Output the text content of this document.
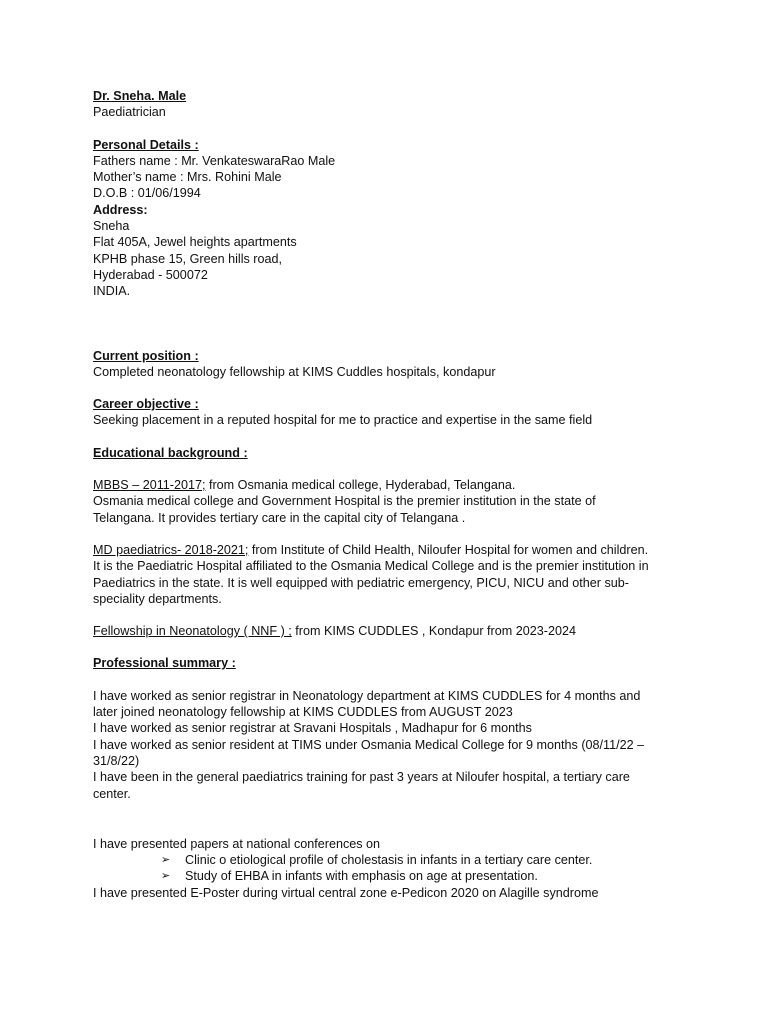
Dr. Sneha. Male
Paediatrician
Personal Details :
Fathers name : Mr. VenkateswaraRao Male
Mother’s name : Mrs. Rohini Male
D.O.B : 01/06/1994
Address:
Sneha
Flat 405A, Jewel heights apartments
KPHB phase 15, Green hills road,
Hyderabad - 500072
INDIA.
Current position :
Completed neonatology fellowship at KIMS Cuddles hospitals, kondapur
Career objective :
Seeking placement in a reputed hospital for me to practice and expertise in the same field
Educational background :
MBBS – 2011-2017; from Osmania medical college, Hyderabad, Telangana.
Osmania medical college and Government Hospital is the premier institution in the state of
Telangana. It provides tertiary care in the capital city of Telangana .
MD paediatrics- 2018-2021; from Institute of Child Health, Niloufer Hospital for women and children.
It is the Paediatric Hospital affiliated to the Osmania Medical College and is the premier institution in
Paediatrics in the state. It is well equipped with pediatric emergency, PICU, NICU and other sub-
speciality departments.
Fellowship in Neonatology ( NNF ) ; from KIMS CUDDLES , Kondapur from 2023-2024
Professional summary :
I have worked as senior registrar in Neonatology department at KIMS CUDDLES for 4 months and
later joined neonatology fellowship at KIMS CUDDLES from AUGUST 2023
I have worked as senior registrar at Sravani Hospitals , Madhapur for 6 months
I have worked as senior resident at TIMS under Osmania Medical College for 9 months (08/11/22 –
31/8/22)
I have been in the general paediatrics training for past 3 years at Niloufer hospital, a tertiary care
center.
I have presented papers at national conferences on
➢	Clinic o etiological profile of cholestasis in infants in a tertiary care center.
➢	Study of EHBA in infants with emphasis on age at presentation.
I have presented E-Poster during virtual central zone e-Pedicon 2020 on Alagille syndrome
